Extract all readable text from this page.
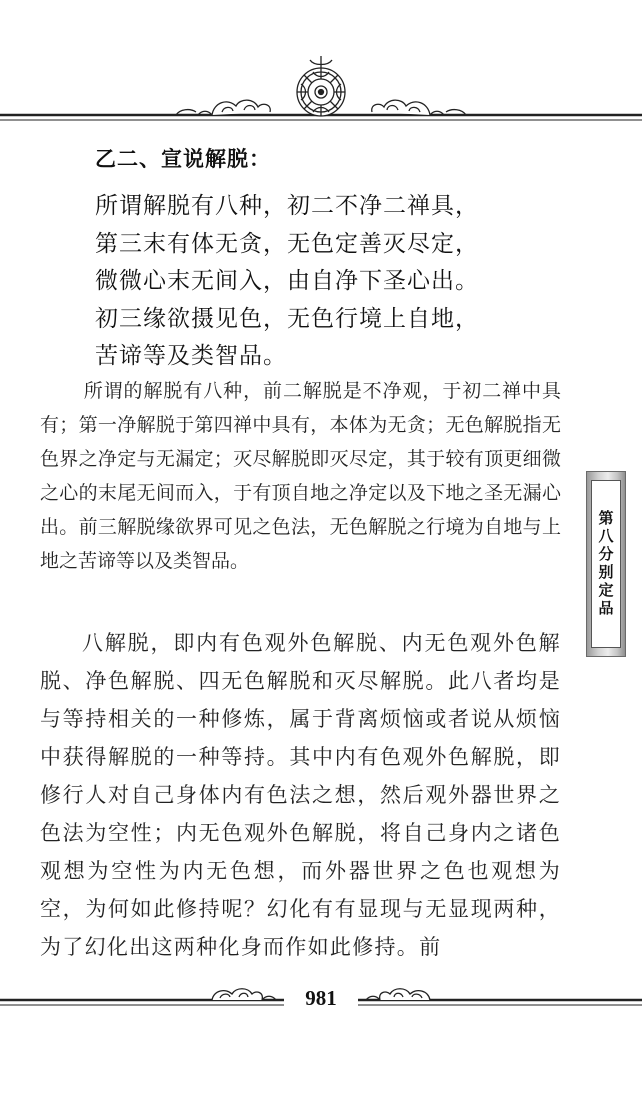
乙二、宣说解脱：
所谓解脱有八种，初二不净二禅具，
第三末有体无贪，无色定善灭尽定，
微微心末无间入，由自净下圣心出。
初三缘欲摄见色，无色行境上自地，
苦谛等及类智品。

所谓的解脱有八种，前二解脱是不净观，于初二禅中具有；第一净解脱于第四禅中具有，本体为无贪；无色解脱指无色界之净定与无漏定；灭尽解脱即灭尽定，其于较有顶更细微之心的末尾无间而入，于有顶自地之净定以及下地之圣无漏心出。前三解脱缘欲界可见之色法，无色解脱之行境为自地与上地之苦谛等以及类智品。

八解脱，即内有色观外色解脱、内无色观外色解脱、净色解脱、四无色解脱和灭尽解脱。此八者均是与等持相关的一种修炼，属于背离烦恼或者说从烦恼中获得解脱的一种等持。其中内有色观外色解脱，即修行人对自己身体内有色法之想，然后观外器世界之色法为空性；内无色观外色解脱，将自己身内之诸色观想为空性为内无色想，而外器世界之色也观想为空，为何如此修持呢？幻化有有显现与无显现两种，为了幻化出这两种化身而作如此修持。前

第八分别定品
981
